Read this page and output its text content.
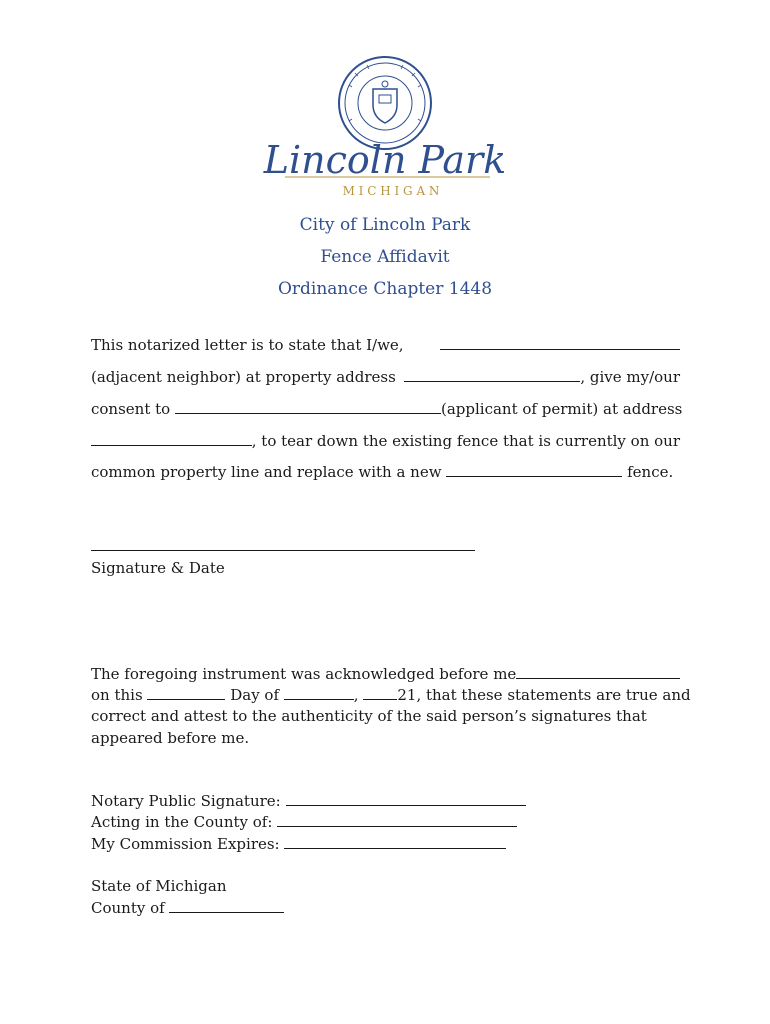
Lincoln Park
M I C H I G A N
City of Lincoln Park
Fence Affidavit
Ordinance Chapter 1448
This notarized letter is to state that I/we,
(adjacent neighbor) at property address	, give my/our
consent to	(applicant of permit) at address
, to tear down the existing fence that is currently on our
common property line and replace with a new	fence.
Signature & Date
The foregoing instrument was acknowledged before me
on this	Day of	,	21, that these statements are true and
correct and attest to the authenticity of the said person’s signatures that
appeared before me.
Notary Public Signature:
Acting in the County of:
My Commission Expires:
State of Michigan
County of
